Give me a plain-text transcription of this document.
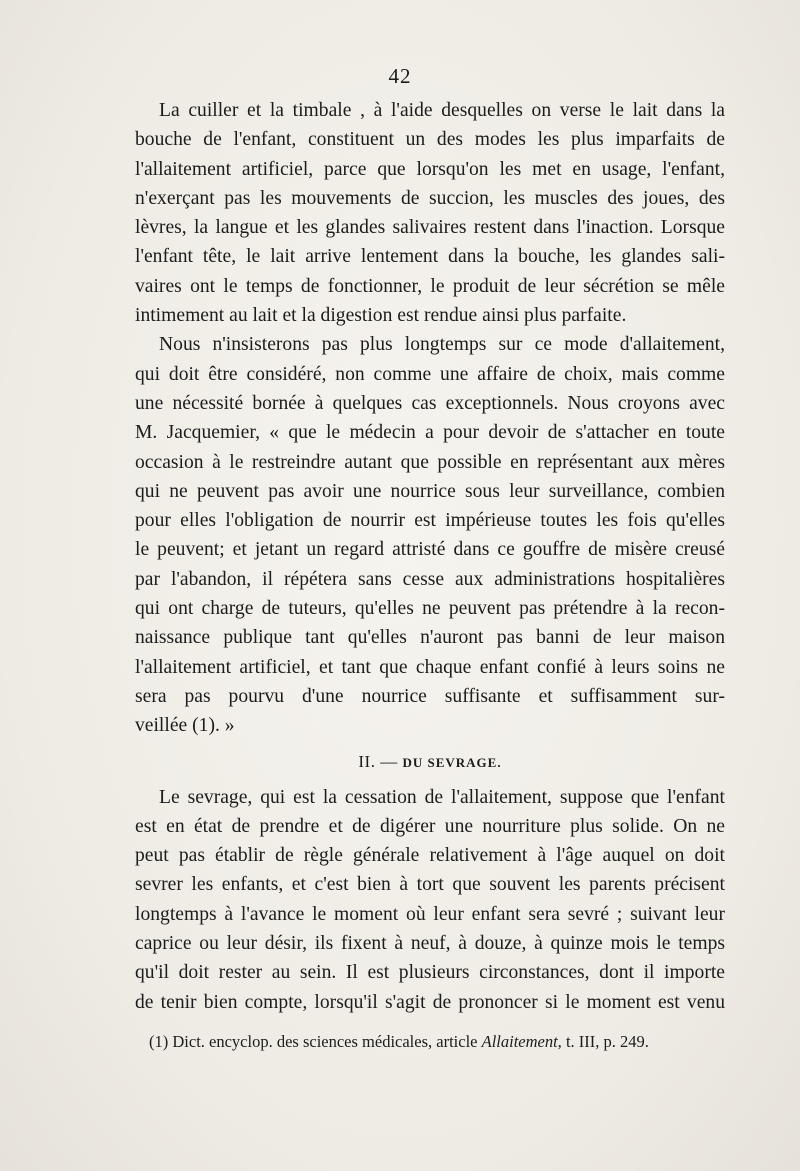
42
La cuiller et la timbale , à l'aide desquelles on verse le lait dans la
bouche de l'enfant, constituent un des modes les plus imparfaits de
l'allaitement artificiel, parce que lorsqu'on les met en usage, l'enfant,
n'exerçant pas les mouvements de succion, les muscles des joues, des
lèvres, la langue et les glandes salivaires restent dans l'inaction. Lorsque
l'enfant tête, le lait arrive lentement dans la bouche, les glandes sali-
vaires ont le temps de fonctionner, le produit de leur sécrétion se mêle
intimement au lait et la digestion est rendue ainsi plus parfaite.
Nous n'insisterons pas plus longtemps sur ce mode d'allaitement,
qui doit être considéré, non comme une affaire de choix, mais comme
une nécessité bornée à quelques cas exceptionnels. Nous croyons avec
M. Jacquemier, « que le médecin a pour devoir de s'attacher en toute
occasion à le restreindre autant que possible en représentant aux mères
qui ne peuvent pas avoir une nourrice sous leur surveillance, combien
pour elles l'obligation de nourrir est impérieuse toutes les fois qu'elles
le peuvent; et jetant un regard attristé dans ce gouffre de misère creusé
par l'abandon, il répétera sans cesse aux administrations hospitalières
qui ont charge de tuteurs, qu'elles ne peuvent pas prétendre à la recon-
naissance publique tant qu'elles n'auront pas banni de leur maison
l'allaitement artificiel, et tant que chaque enfant confié à leurs soins ne
sera pas pourvu d'une nourrice suffisante et suffisamment sur-
veillée (1). »
II. — DU SEVRAGE.
Le sevrage, qui est la cessation de l'allaitement, suppose que l'enfant
est en état de prendre et de digérer une nourriture plus solide. On ne
peut pas établir de règle générale relativement à l'âge auquel on doit
sevrer les enfants, et c'est bien à tort que souvent les parents précisent
longtemps à l'avance le moment où leur enfant sera sevré ; suivant leur
caprice ou leur désir, ils fixent à neuf, à douze, à quinze mois le temps
qu'il doit rester au sein. Il est plusieurs circonstances, dont il importe
de tenir bien compte, lorsqu'il s'agit de prononcer si le moment est venu
(1) Dict. encyclop. des sciences médicales, article Allaitement, t. III, p. 249.
